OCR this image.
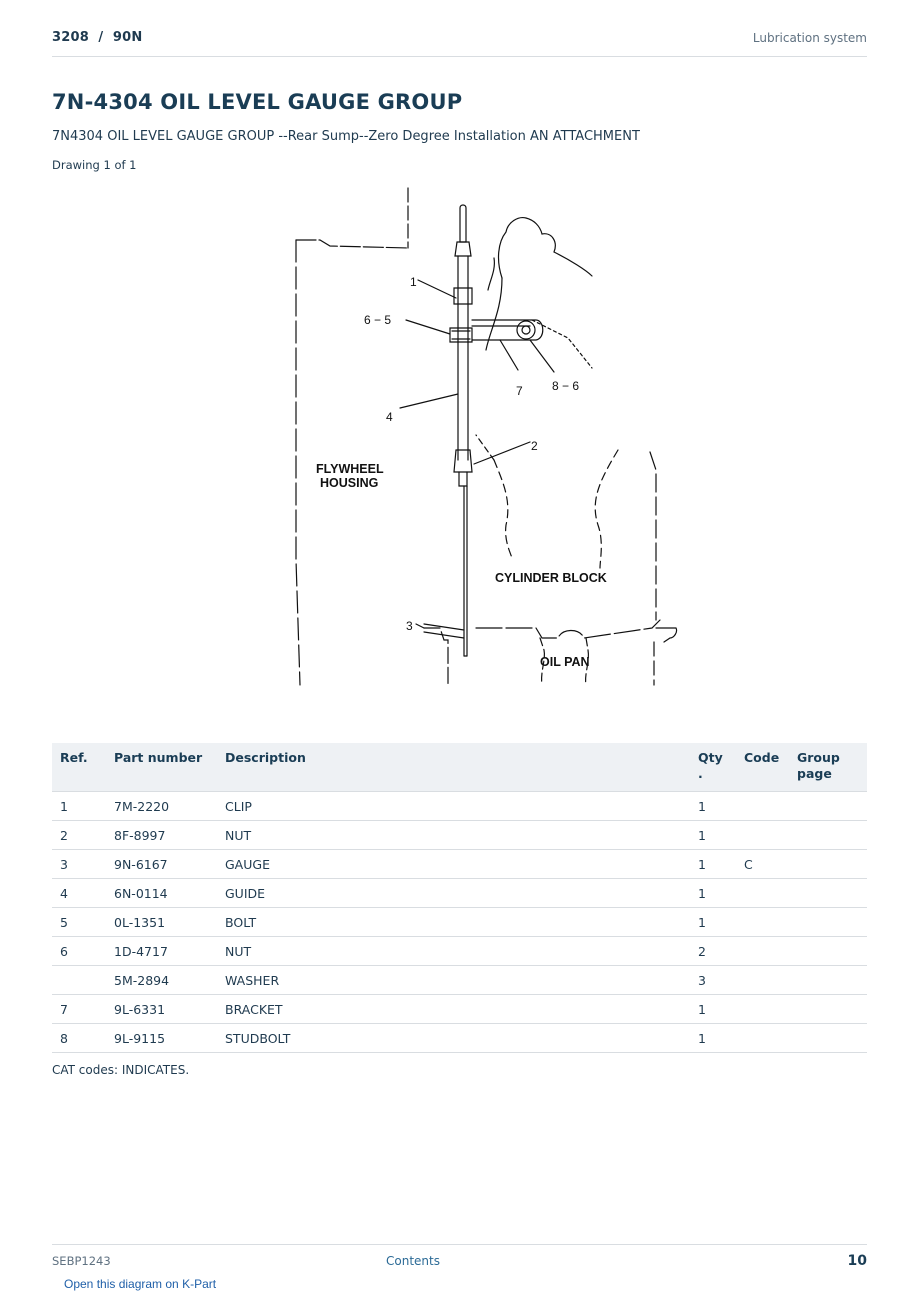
3208  /  90N	Lubrication system
7N-4304 OIL LEVEL GAUGE GROUP
7N4304 OIL LEVEL GAUGE GROUP --Rear Sump--Zero Degree Installation AN ATTACHMENT
Drawing 1 of 1
1
6 − 5
4
7 8 − 6
2
3
FLYWHEEL
HOUSING
CYLINDER BLOCK
OIL PAN
Ref.	Part number	Description	Qty .	Code	Group page
1	7M-2220	CLIP	1		
2	8F-8997	NUT	1		
3	9N-6167	GAUGE	1	C	
4	6N-0114	GUIDE	1		
5	0L-1351	BOLT	1		
6	1D-4717	NUT	2		
	5M-2894	WASHER	3		
7	9L-6331	BRACKET	1		
8	9L-9115	STUDBOLT	1		
CAT codes: INDICATES.
SEBP1243	Contents	10
Open this diagram on K-Part
